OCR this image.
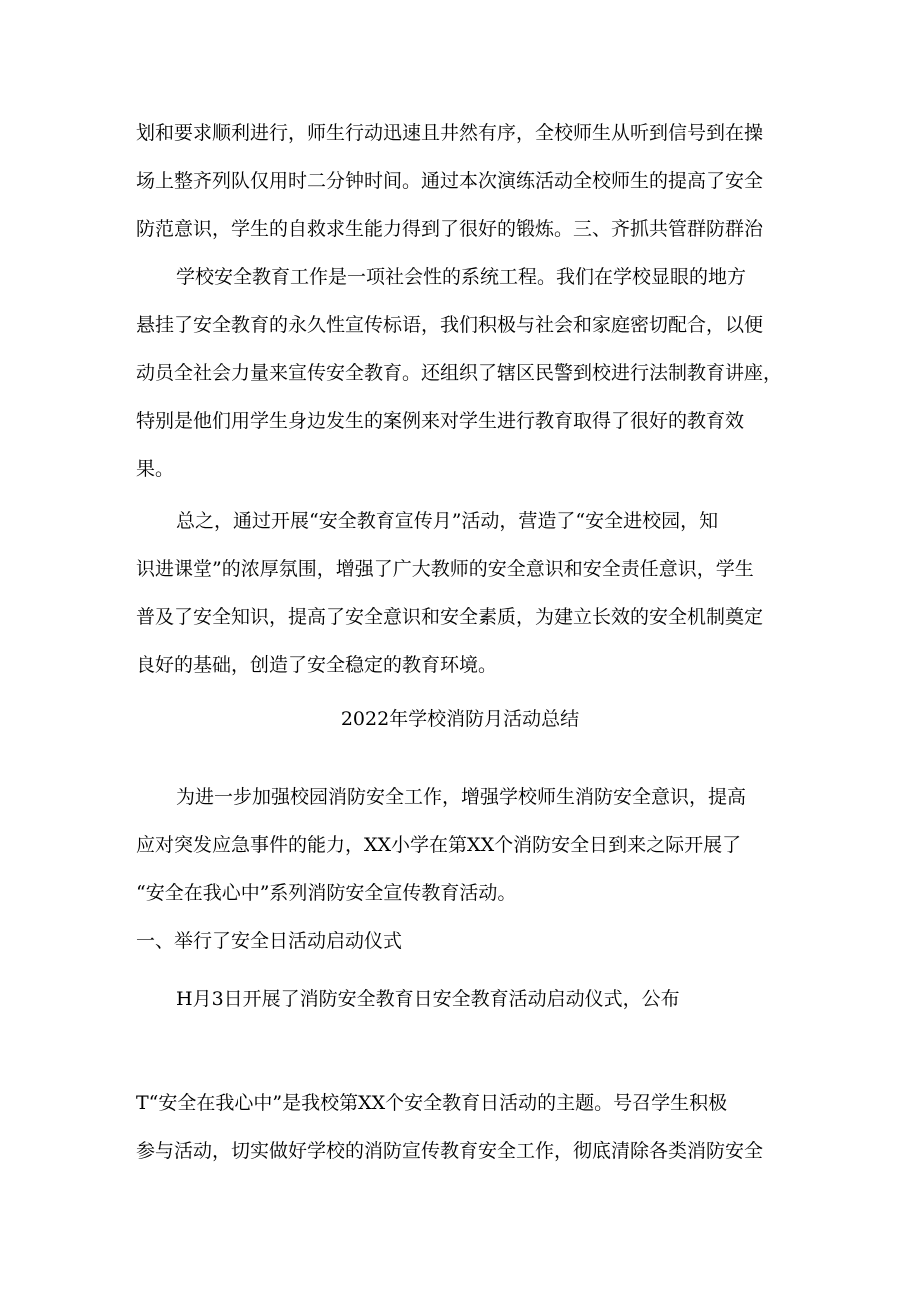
划和要求顺利进行，师生行动迅速且井然有序，全校师生从听到信号到在操

场上整齐列队仅用时二分钟时间。通过本次演练活动全校师生的提高了安全

防范意识，学生的自救求生能力得到了很好的锻炼。三、齐抓共管群防群治

学校安全教育工作是一项社会性的系统工程。我们在学校显眼的地方

悬挂了安全教育的永久性宣传标语，我们积极与社会和家庭密切配合，以便

动员全社会力量来宣传安全教育。还组织了辖区民警到校进行法制教育讲座，

特别是他们用学生身边发生的案例来对学生进行教育取得了很好的教育效

果。

总之，通过开展“安全教育宣传月”活动，营造了“安全进校园，知

识进课堂”的浓厚氛围，增强了广大教师的安全意识和安全责任意识，学生

普及了安全知识，提高了安全意识和安全素质，为建立长效的安全机制奠定

良好的基础，创造了安全稳定的教育环境。

2022年学校消防月活动总结

为进一步加强校园消防安全工作，增强学校师生消防安全意识，提高

应对突发应急事件的能力，XX小学在第XX个消防安全日到来之际开展了

“安全在我心中”系列消防安全宣传教育活动。

一、举行了安全日活动启动仪式

H月3日开展了消防安全教育日安全教育活动启动仪式，公布

T“安全在我心中”是我校第XX个安全教育日活动的主题。号召学生积极

参与活动，切实做好学校的消防宣传教育安全工作，彻底清除各类消防安全
